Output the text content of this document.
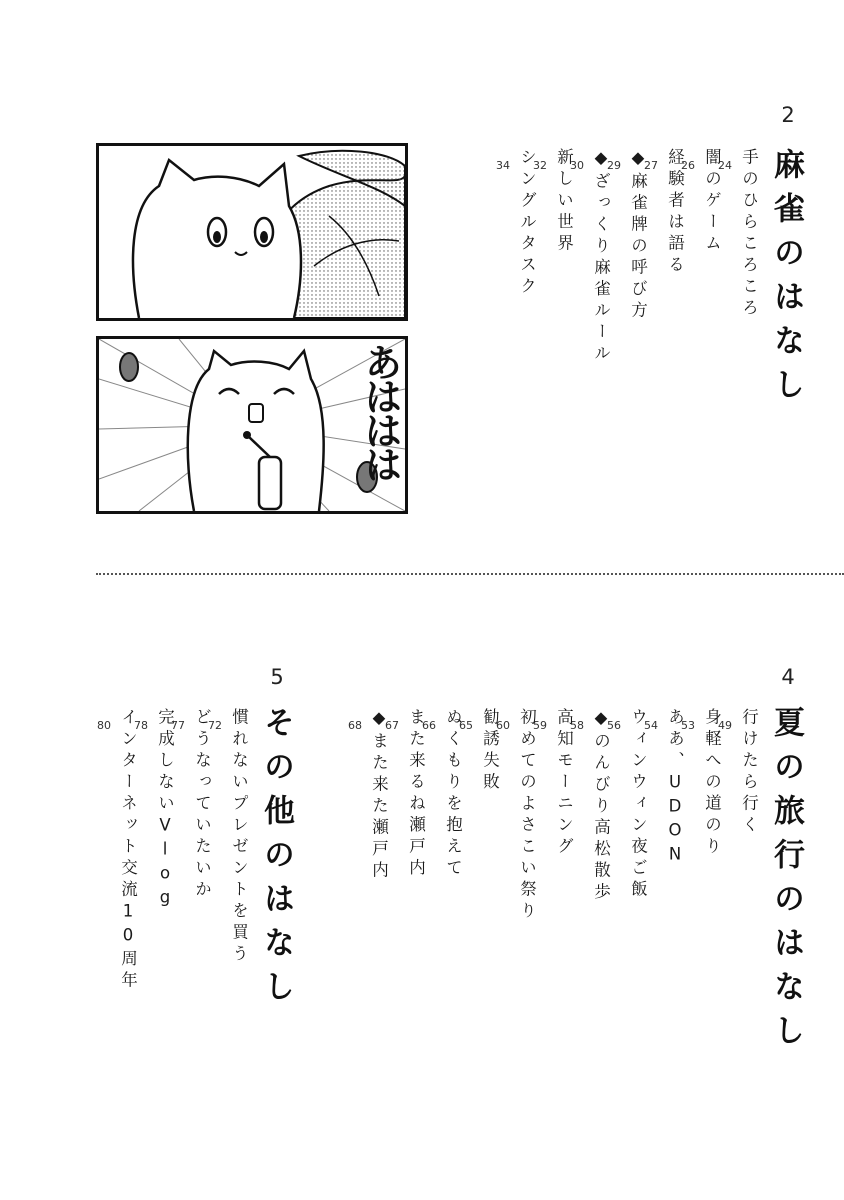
2
麻雀のはなし
手のひらころころ
24
闇のゲーム
26
経験者は語る
27
◆麻雀牌の呼び方
29
◆ざっくり麻雀ルール
30
新しい世界
32
シングルタスク
34
あははは
4
夏の旅行のはなし
行けたら行く
49
身軽への道のり
53
ああ、UDON
54
ウィンウィン夜ご飯
56
◆のんびり高松散歩
58
高知モーニング
59
初めてのよさこい祭り
60
勧誘失敗
65
ぬくもりを抱えて
66
また来るね瀬戸内
67
◆また来た瀬戸内
68
5
その他のはなし
慣れないプレゼントを買う
72
どうなっていたいか
77
完成しないVlog
78
インターネット交流10周年
80
